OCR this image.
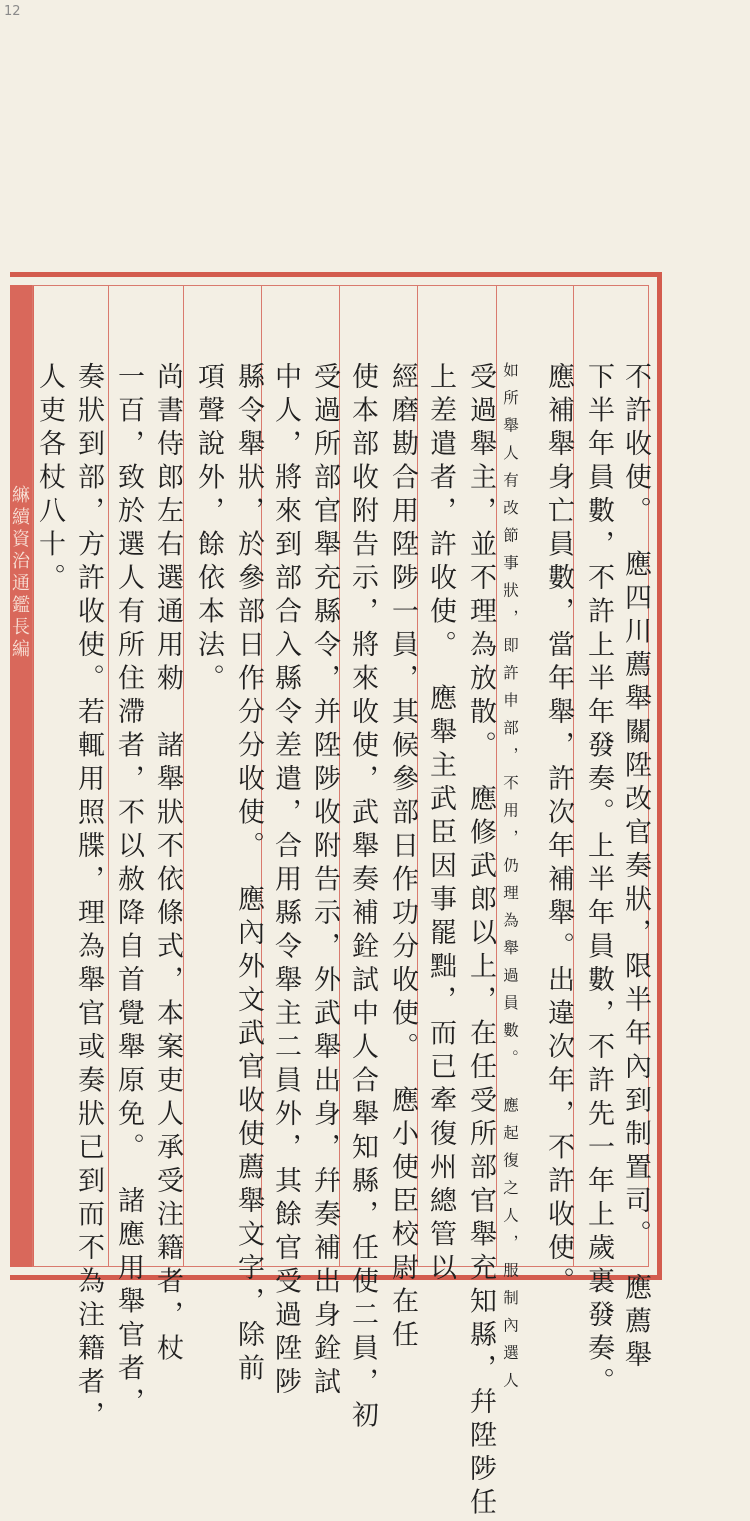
12
䌕續資治通鑑長編	不許收使。　應四川薦舉關陞改官奏狀，限半年內到制置司。　應薦舉
下半年員數，不許上半年發奏。上半年員數，不許先一年上歲裏發奏。
應補舉身亡員數，當年舉，許次年補舉。出違次年，不許收使。
如所舉人有改節事狀，即許申部，不用，仍理為舉過員數。　應起復之人，服制內選人
受過舉主，並不理為放散。　應修武郎以上，在任受所部官舉充知縣，幷陞陟任
上差遣者，許收使。　應舉主武臣因事罷黜，而已牽復州總管以
經磨勘合用陞陟一員，其候參部日作功分收使。　應小使臣校尉在任
使本部收附告示，將來收使，武舉奏補銓試中人合舉知縣，任使二員，初
受過所部官舉充縣令，并陞陟收附告示，外武舉出身，幷奏補出身銓試
中人，將來到部合入縣令差遣，合用縣令舉主二員外，其餘官受過陞陟
縣令舉狀，於參部日作分分收使。　應內外文武官收使薦舉文字，除前
項聲說外，餘依本法。
尚書侍郎左右選通用勑　諸舉狀不依條式，本案吏人承受注籍者，杖
一百，致於選人有所住滯者，不以赦降自首覺舉原免。　諸應用舉官者，
奏狀到部，方許收使。若輒用照牒，理為舉官或奏狀已到而不為注籍者，
人吏各杖八十。
